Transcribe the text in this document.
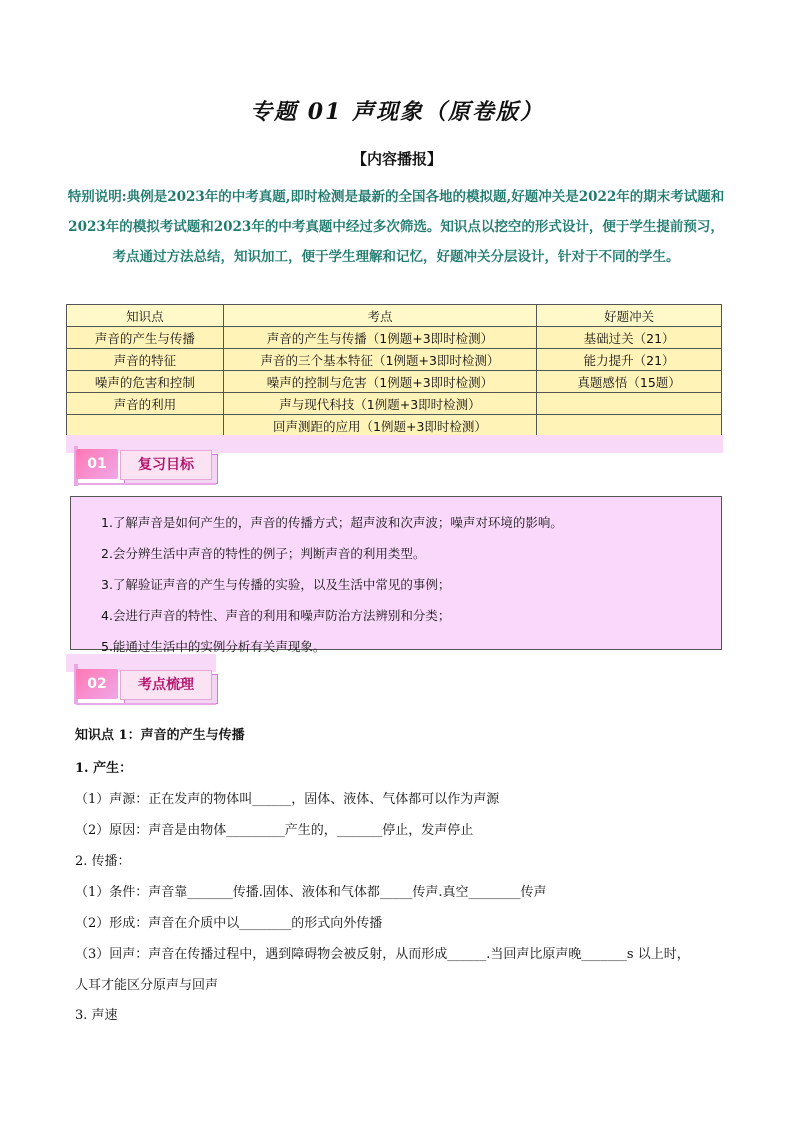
专题 01 声现象（原卷版）
【内容播报】
特别说明:典例是2023年的中考真题,即时检测是最新的全国各地的模拟题,好题冲关是2022年的期末考试题和2023年的模拟考试题和2023年的中考真题中经过多次筛选。知识点以挖空的形式设计，便于学生提前预习，考点通过方法总结，知识加工，便于学生理解和记忆，好题冲关分层设计，针对于不同的学生。
知识点	考点	好题冲关
声音的产生与传播	声音的产生与传播（1例题+3即时检测）	基础过关（21）
声音的特征	声音的三个基本特征（1例题+3即时检测）	能力提升（21）
噪声的危害和控制	噪声的控制与危害（1例题+3即时检测）	真题感悟（15题）
声音的利用	声与现代科技（1例题+3即时检测）	
	回声测距的应用（1例题+3即时检测）	
01	复习目标
1.了解声音是如何产生的，声音的传播方式；超声波和次声波；噪声对环境的影响。
2.会分辨生活中声音的特性的例子；判断声音的利用类型。
3.了解验证声音的产生与传播的实验，以及生活中常见的事例；
4.会进行声音的特性、声音的利用和噪声防治方法辨别和分类；
5.能通过生活中的实例分析有关声现象。
02	考点梳理
知识点 1：声音的产生与传播
1. 产生：
（1）声源：正在发声的物体叫______，固体、液体、气体都可以作为声源
（2）原因：声音是由物体_________产生的，_______停止，发声停止
2. 传播：
（1）条件：声音靠_______传播.固体、液体和气体都_____传声.真空________传声
（2）形成：声音在介质中以________的形式向外传播
（3）回声：声音在传播过程中，遇到障碍物会被反射，从而形成______.当回声比原声晚_______s 以上时，
人耳才能区分原声与回声
3. 声速
